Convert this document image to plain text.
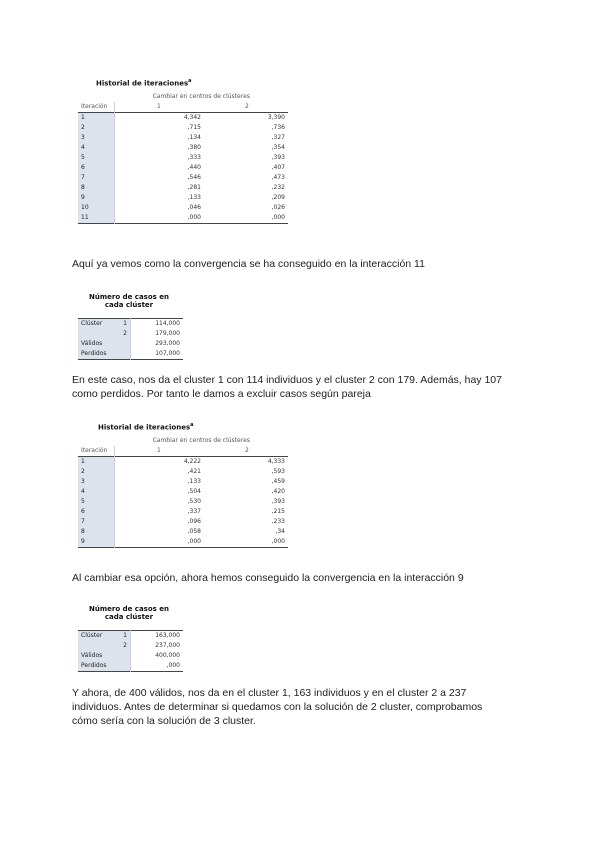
Historial de iteraciones$^a$
	Cambiar en centros de clústeres	
Iteración	1	2
1	4,342	3,390
2	,715	,736
3	,134	,327
4	,380	,354
5	,333	,393
6	,440	,407
7	,546	,473
8	,281	,232
9	,133	,209
10	,046	,026
11	,000	,000
Aquí ya vemos como la convergencia se ha conseguido en la interacción 11
Número de casos en
cada clúster
Clúster	1	114,000
	2	179,000
Válidos		293,000
Perdidos		107,000
En este caso, nos da el cluster 1 con 114 individuos y el cluster 2 con 179. Además, hay 107
como perdidos. Por tanto le damos a excluir casos según pareja
Historial de iteraciones$^a$
	Cambiar en centros de clústeres	
Iteración	1	2
1	4,222	4,333
2	,421	,593
3	,133	,459
4	,504	,420
5	,530	,393
6	,337	,215
7	,096	,233
8	,058	,34
9	,000	,000
Al cambiar esa opción, ahora hemos conseguido la convergencia en la interacción 9
Número de casos en
cada clúster
Clúster	1	163,000
	2	237,000
Válidos		400,000
Perdidos		,000
Y ahora, de 400 válidos, nos da en el cluster 1, 163 individuos y en el cluster 2 a 237
individuos. Antes de determinar si quedamos con la solución de 2 cluster, comprobamos
cómo sería con la solución de 3 cluster.
